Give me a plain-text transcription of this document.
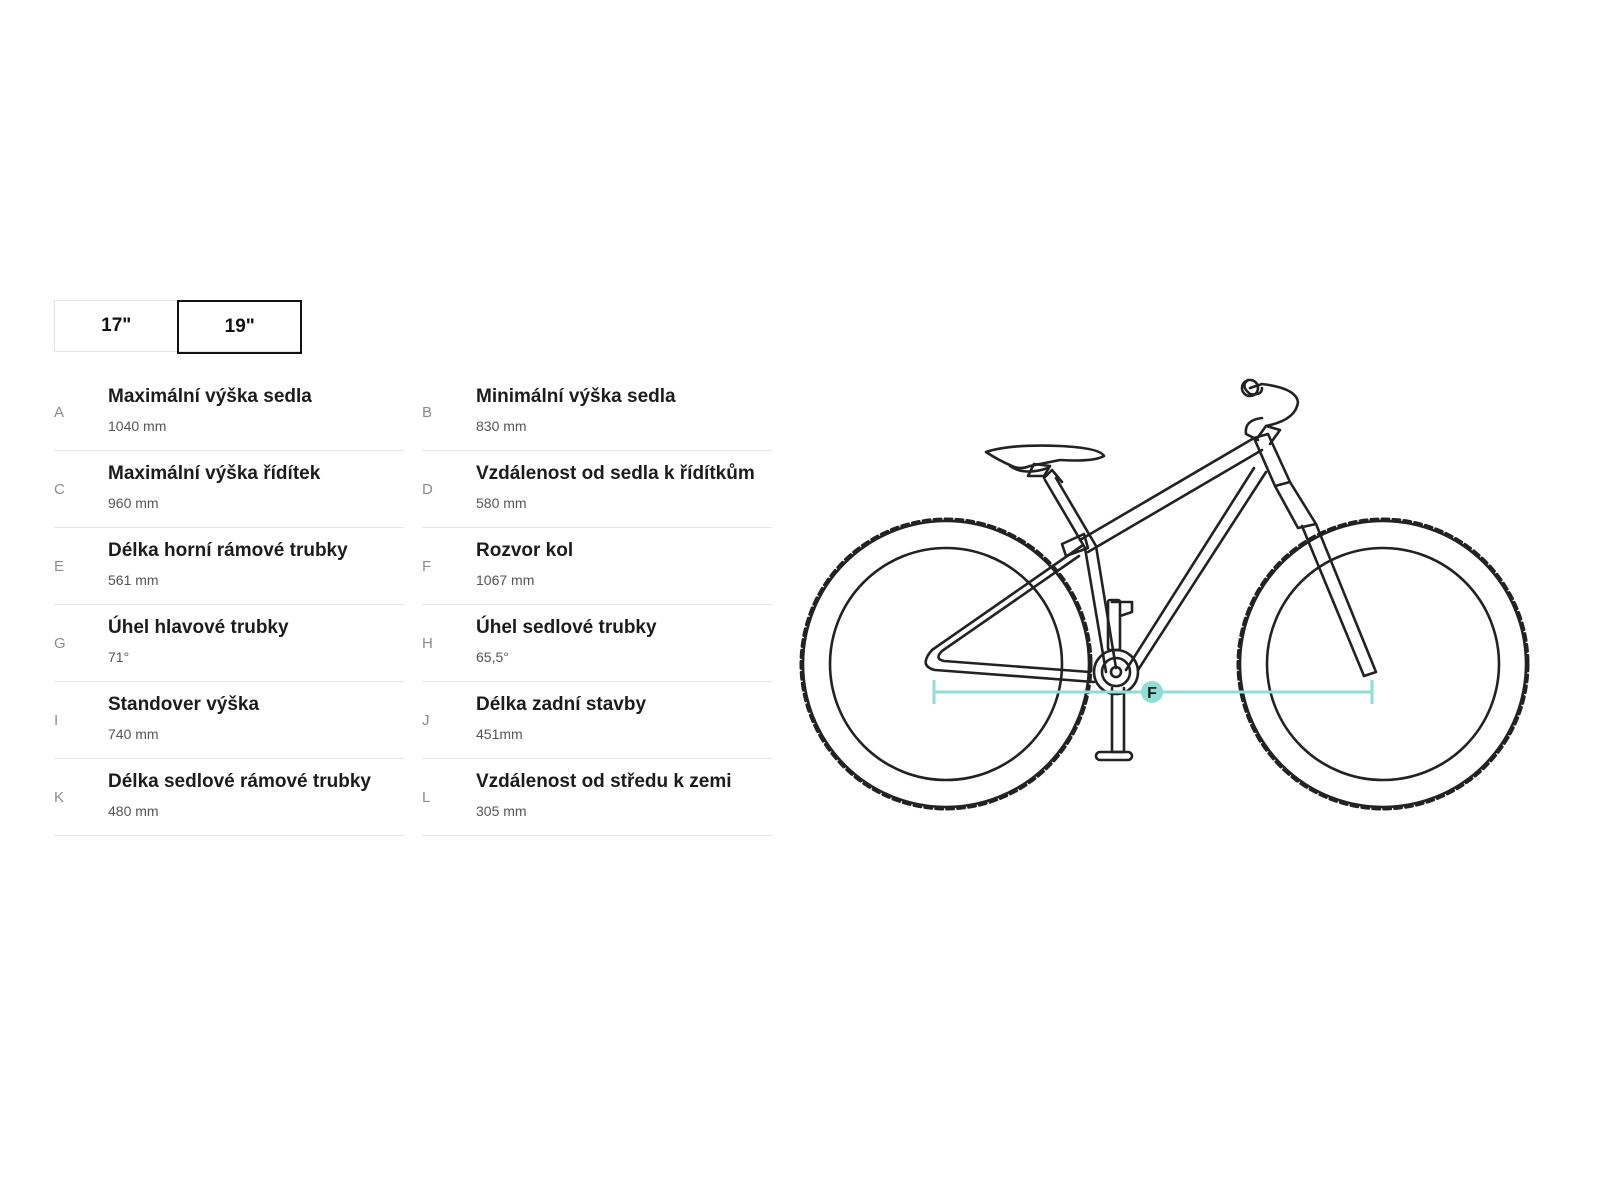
17"	19"
A
Maximální výška sedla
1040 mm
C
Maximální výška řídítek
960 mm
E
Délka horní rámové trubky
561 mm
G
Úhel hlavové trubky
71°
I
Standover výška
740 mm
K
Délka sedlové rámové trubky
480 mm
B
Minimální výška sedla
830 mm
D
Vzdálenost od sedla k řídítkům
580 mm
F
Rozvor kol
1067 mm
H
Úhel sedlové trubky
65,5°
J
Délka zadní stavby
451mm
L
Vzdálenost od středu k zemi
305 mm
F
